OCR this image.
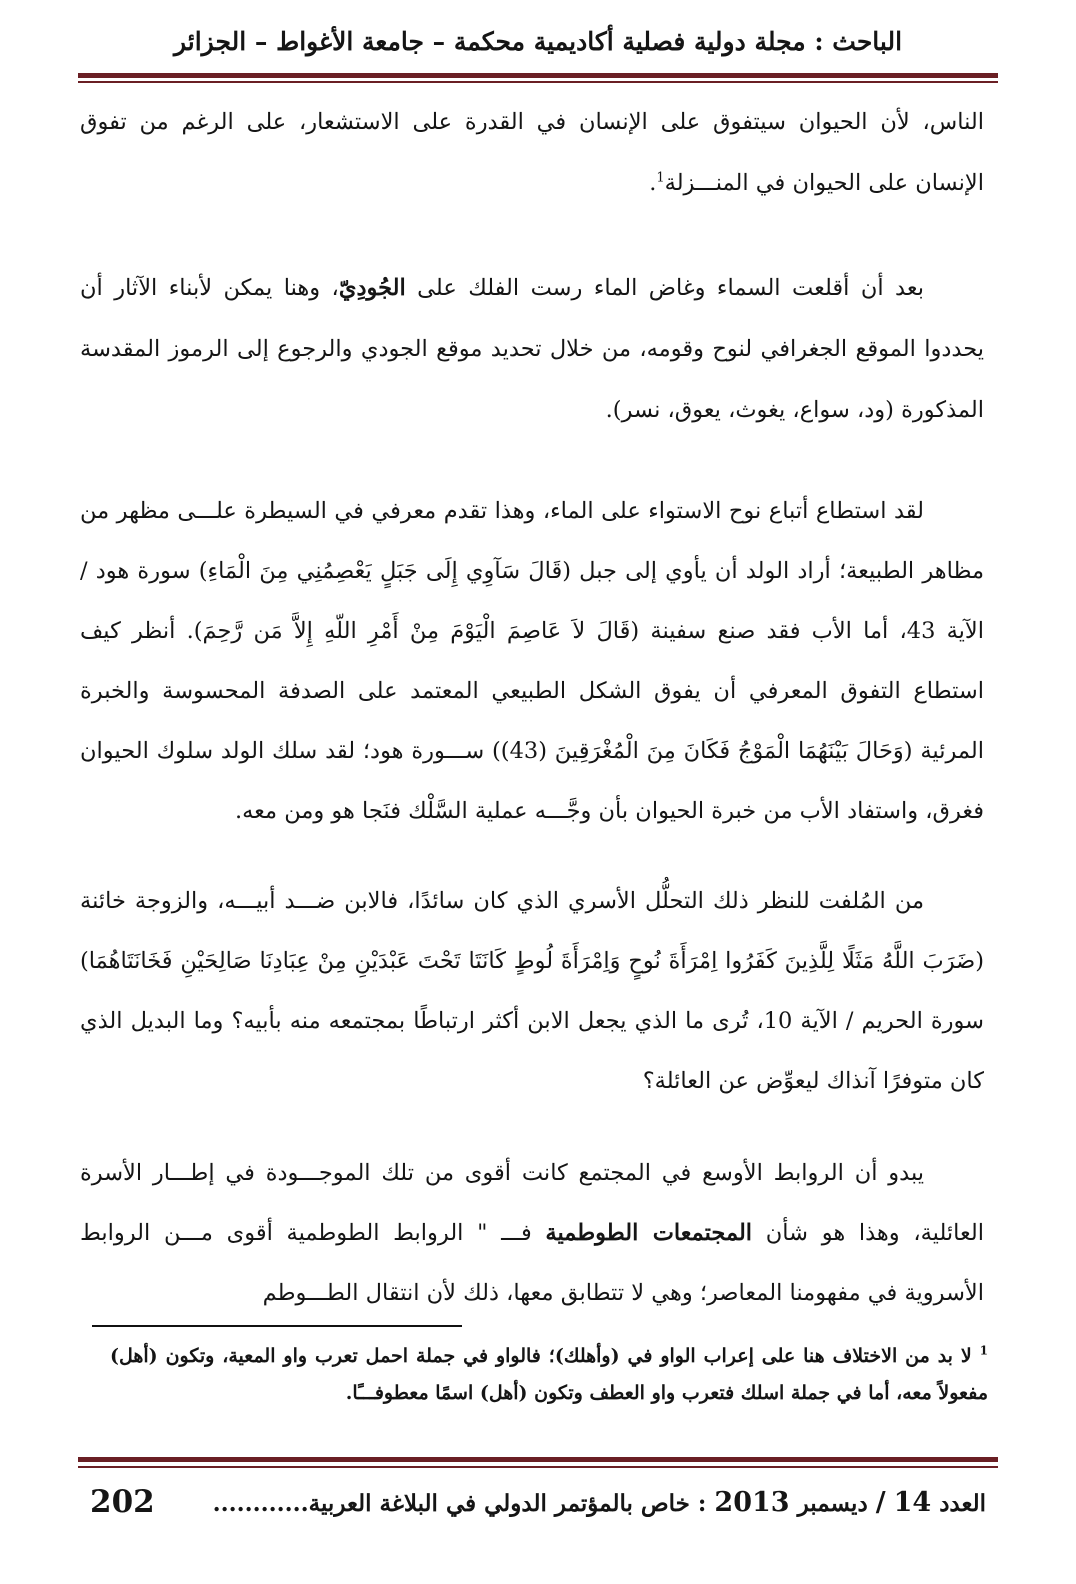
الباحث : مجلة دولية فصلية أكاديمية محكمة – جامعة الأغواط – الجزائر

الناس، لأن الحيوان سيتفوق على الإنسان في القدرة على الاستشعار، على الرغم من تفوق الإنسان على الحيوان في المنـــزلة$^1$.

بعد أن أقلعت السماء وغاض الماء رست الفلك على الجُودِيّ، وهنا يمكن لأبناء الآثار أن يحددوا الموقع الجغرافي لنوح وقومه، من خلال تحديد موقع الجودي والرجوع إلى الرموز المقدسة المذكورة (ود، سواع، يغوث، يعوق، نسر).

لقد استطاع أتباع نوح الاستواء على الماء، وهذا تقدم معرفي في السيطرة علـــى مظهر من مظاهر الطبيعة؛ أراد الولد أن يأوي إلى جبل (قَالَ سَآوِي إِلَى جَبَلٍ يَعْصِمُنِي مِنَ الْمَاءِ) سورة هود / الآية 43، أما الأب فقد صنع سفينة (قَالَ لاَ عَاصِمَ الْيَوْمَ مِنْ أَمْرِ اللّهِ إِلاَّ مَن رَّحِمَ). أنظر كيف استطاع التفوق المعرفي أن يفوق الشكل الطبيعي المعتمد على الصدفة المحسوسة والخبرة المرئية (وَحَالَ بَيْنَهُمَا الْمَوْجُ فَكَانَ مِنَ الْمُغْرَقِينَ (43)) ســـورة هود؛ لقد سلك الولد سلوك الحيوان فغرق، واستفاد الأب من خبرة الحيوان بأن وجَّـــه عملية السَّلْك فنَجا هو ومن معه.

من المُلفت للنظر ذلك التحلُّل الأسري الذي كان سائدًا، فالابن ضـــد أبيـــه، والزوجة خائنة (ضَرَبَ اللَّهُ مَثَلًا لِلَّذِينَ كَفَرُوا اِمْرَأَةَ نُوحٍ وَاِمْرَأَةَ لُوطٍ كَانَتَا تَحْتَ عَبْدَيْنِ مِنْ عِبَادِنَا صَالِحَيْنِ فَخَانَتَاهُمَا) سورة الحريم / الآية 10، تُرى ما الذي يجعل الابن أكثر ارتباطًا بمجتمعه منه بأبيه؟ وما البديل الذي كان متوفرًا آنذاك ليعوِّض عن العائلة؟

يبدو أن الروابط الأوسع في المجتمع كانت أقوى من تلك الموجـــودة في إطـــار الأسرة العائلية، وهذا هو شأن المجتمعات الطوطمية فـــ " الروابط الطوطمية أقوى مـــن الروابط الأسروية في مفهومنا المعاصر؛ وهي لا تتطابق معها، ذلك لأن انتقال الطـــوطم

$^1$ لا بد من الاختلاف هنا على إعراب الواو في (وأهلك)؛ فالواو في جملة احمل تعرب واو المعية، وتكون (أهل) مفعولاً معه، أما في جملة اسلك فتعرب واو العطف وتكون (أهل) اسمًا معطوفـــًا.
العدد 14 / ديسمبر 2013 : خاص بالمؤتمر الدولي في البلاغة العربية............
202
